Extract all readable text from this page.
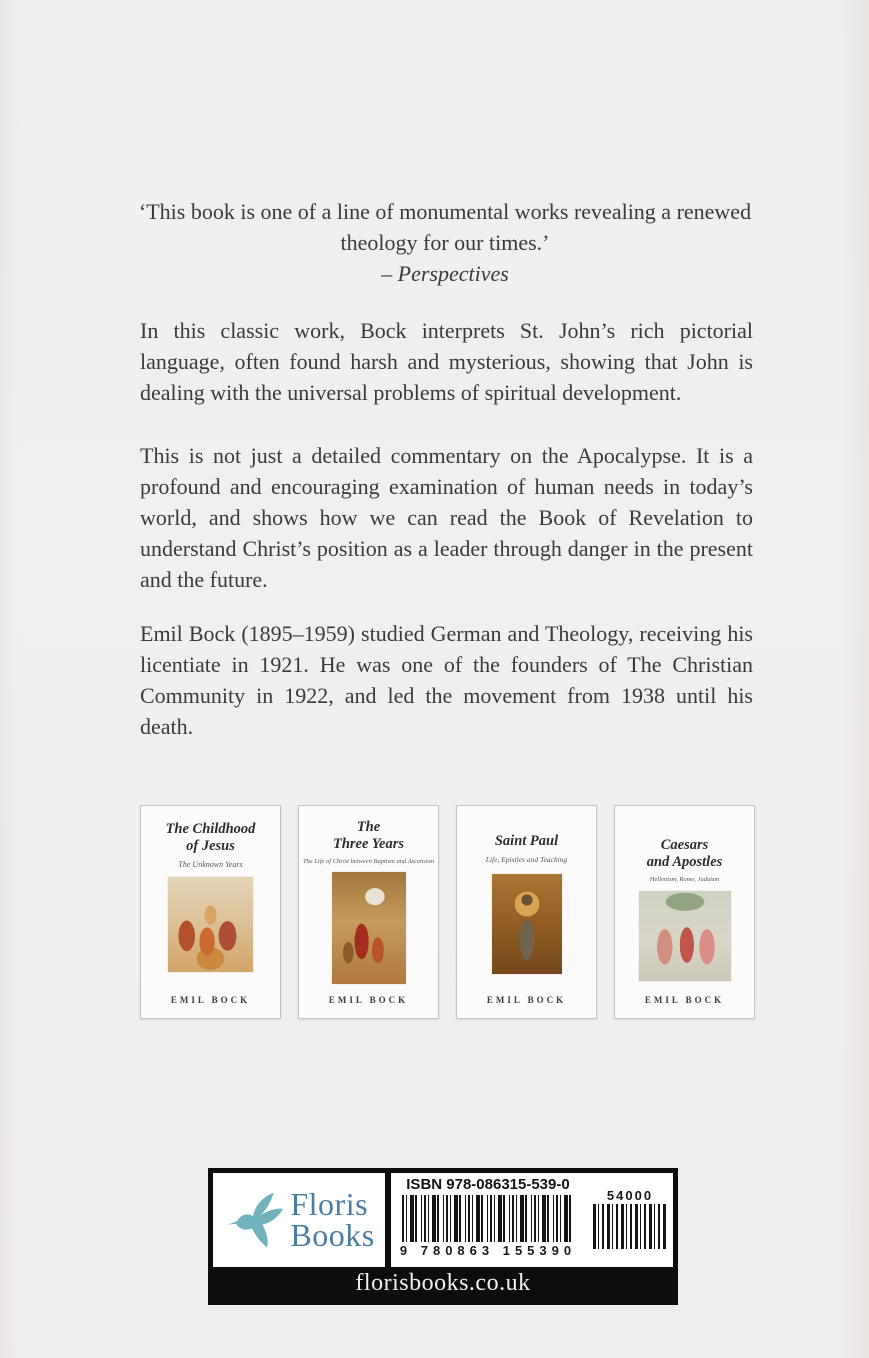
‘This book is one of a line of monumental works revealing a renewed theology for our times.’
– Perspectives

In this classic work, Bock interprets St. John’s rich pictorial language, often found harsh and mysterious, showing that John is dealing with the universal problems of spiritual development.

This is not just a detailed commentary on the Apocalypse. It is a profound and encouraging examination of human needs in today’s world, and shows how we can read the Book of Revelation to understand Christ’s position as a leader through danger in the present and the future.

Emil Bock (1895–1959) studied German and Theology, receiving his licentiate in 1921. He was one of the founders of The Christian Community in 1922, and led the movement from 1938 until his death.

The Childhood
of Jesus
The Unknown Years
EMIL BOCK
The
Three Years
The Life of Christ between Baptism and Ascension
EMIL BOCK
Saint Paul
Life, Epistles and Teaching
EMIL BOCK
Caesars
and Apostles
Hellenism, Rome, Judaism
EMIL BOCK
Floris
Books
ISBN 978-086315-539-0
9 780863 155390
54000
florisbooks.co.uk
